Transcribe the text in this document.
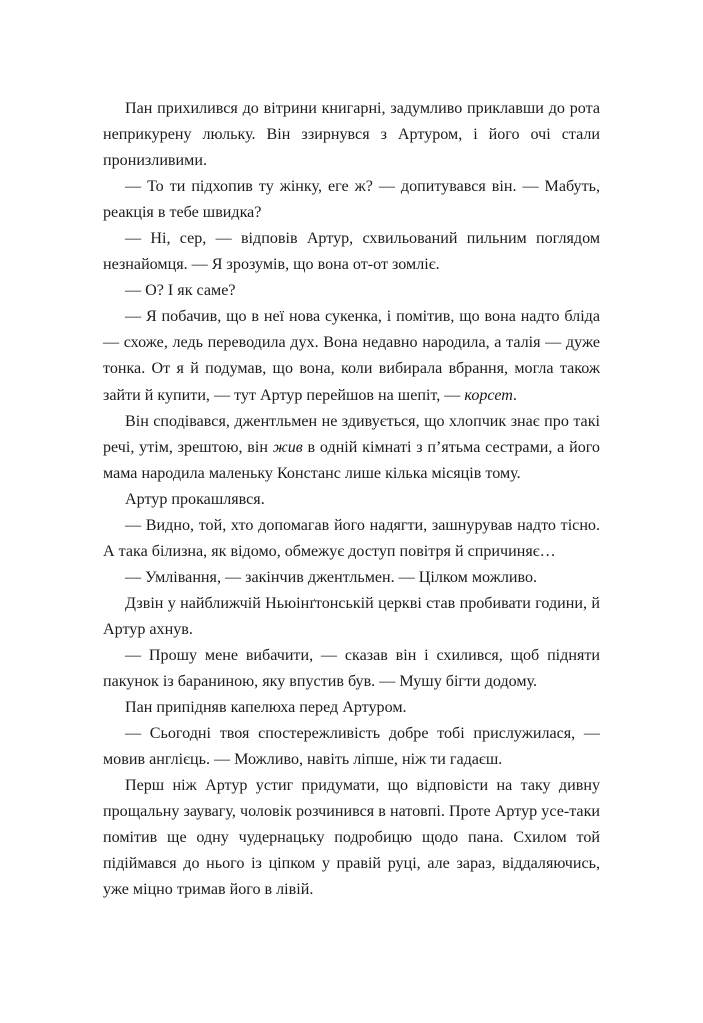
Пан прихилився до вітрини книгарні, задумливо приклавши до рота неприкурену люльку. Він ззирнувся з Артуром, і його очі стали пронизливими.

— То ти підхопив ту жінку, еге ж? — допитувався він. — Мабуть, реакція в тебе швидка?

— Ні, сер, — відповів Артур, схвильований пильним поглядом незнайомця. — Я зрозумів, що вона от-от зомліє.

— О? І як саме?

— Я побачив, що в неї нова сукенка, і помітив, що вона надто бліда — схоже, ледь переводила дух. Вона недавно народила, а талія — дуже тонка. От я й подумав, що вона, коли вибирала вбрання, могла також зайти й купити, — тут Артур перейшов на шепіт, — корсет.

Він сподівався, джентльмен не здивується, що хлопчик знає про такі речі, утім, зрештою, він жив в одній кімнаті з п’ятьма сестрами, а його мама народила маленьку Констанс лише кілька місяців тому.

Артур прокашлявся.

— Видно, той, хто допомагав його надягти, зашнурував надто тісно. А така білизна, як відомо, обмежує доступ повітря й спричиняє…

— Умлівання, — закінчив джентльмен. — Цілком можливо.

Дзвін у найближчій Ньюінґтонській церкві став пробивати години, й Артур ахнув.

— Прошу мене вибачити, — сказав він і схилився, щоб підняти пакунок із бараниною, яку впустив був. — Мушу бігти додому.

Пан припідняв капелюха перед Артуром.

— Сьогодні твоя спостережливість добре тобі прислужилася, — мовив англієць. — Можливо, навіть ліпше, ніж ти гадаєш.

Перш ніж Артур устиг придумати, що відповісти на таку дивну прощальну заувагу, чоловік розчинився в натовпі. Проте Артур усе-таки помітив ще одну чудернацьку подробицю щодо пана. Схилом той підіймався до нього із ціпком у правій руці, але зараз, віддаляючись, уже міцно тримав його в лівій.
